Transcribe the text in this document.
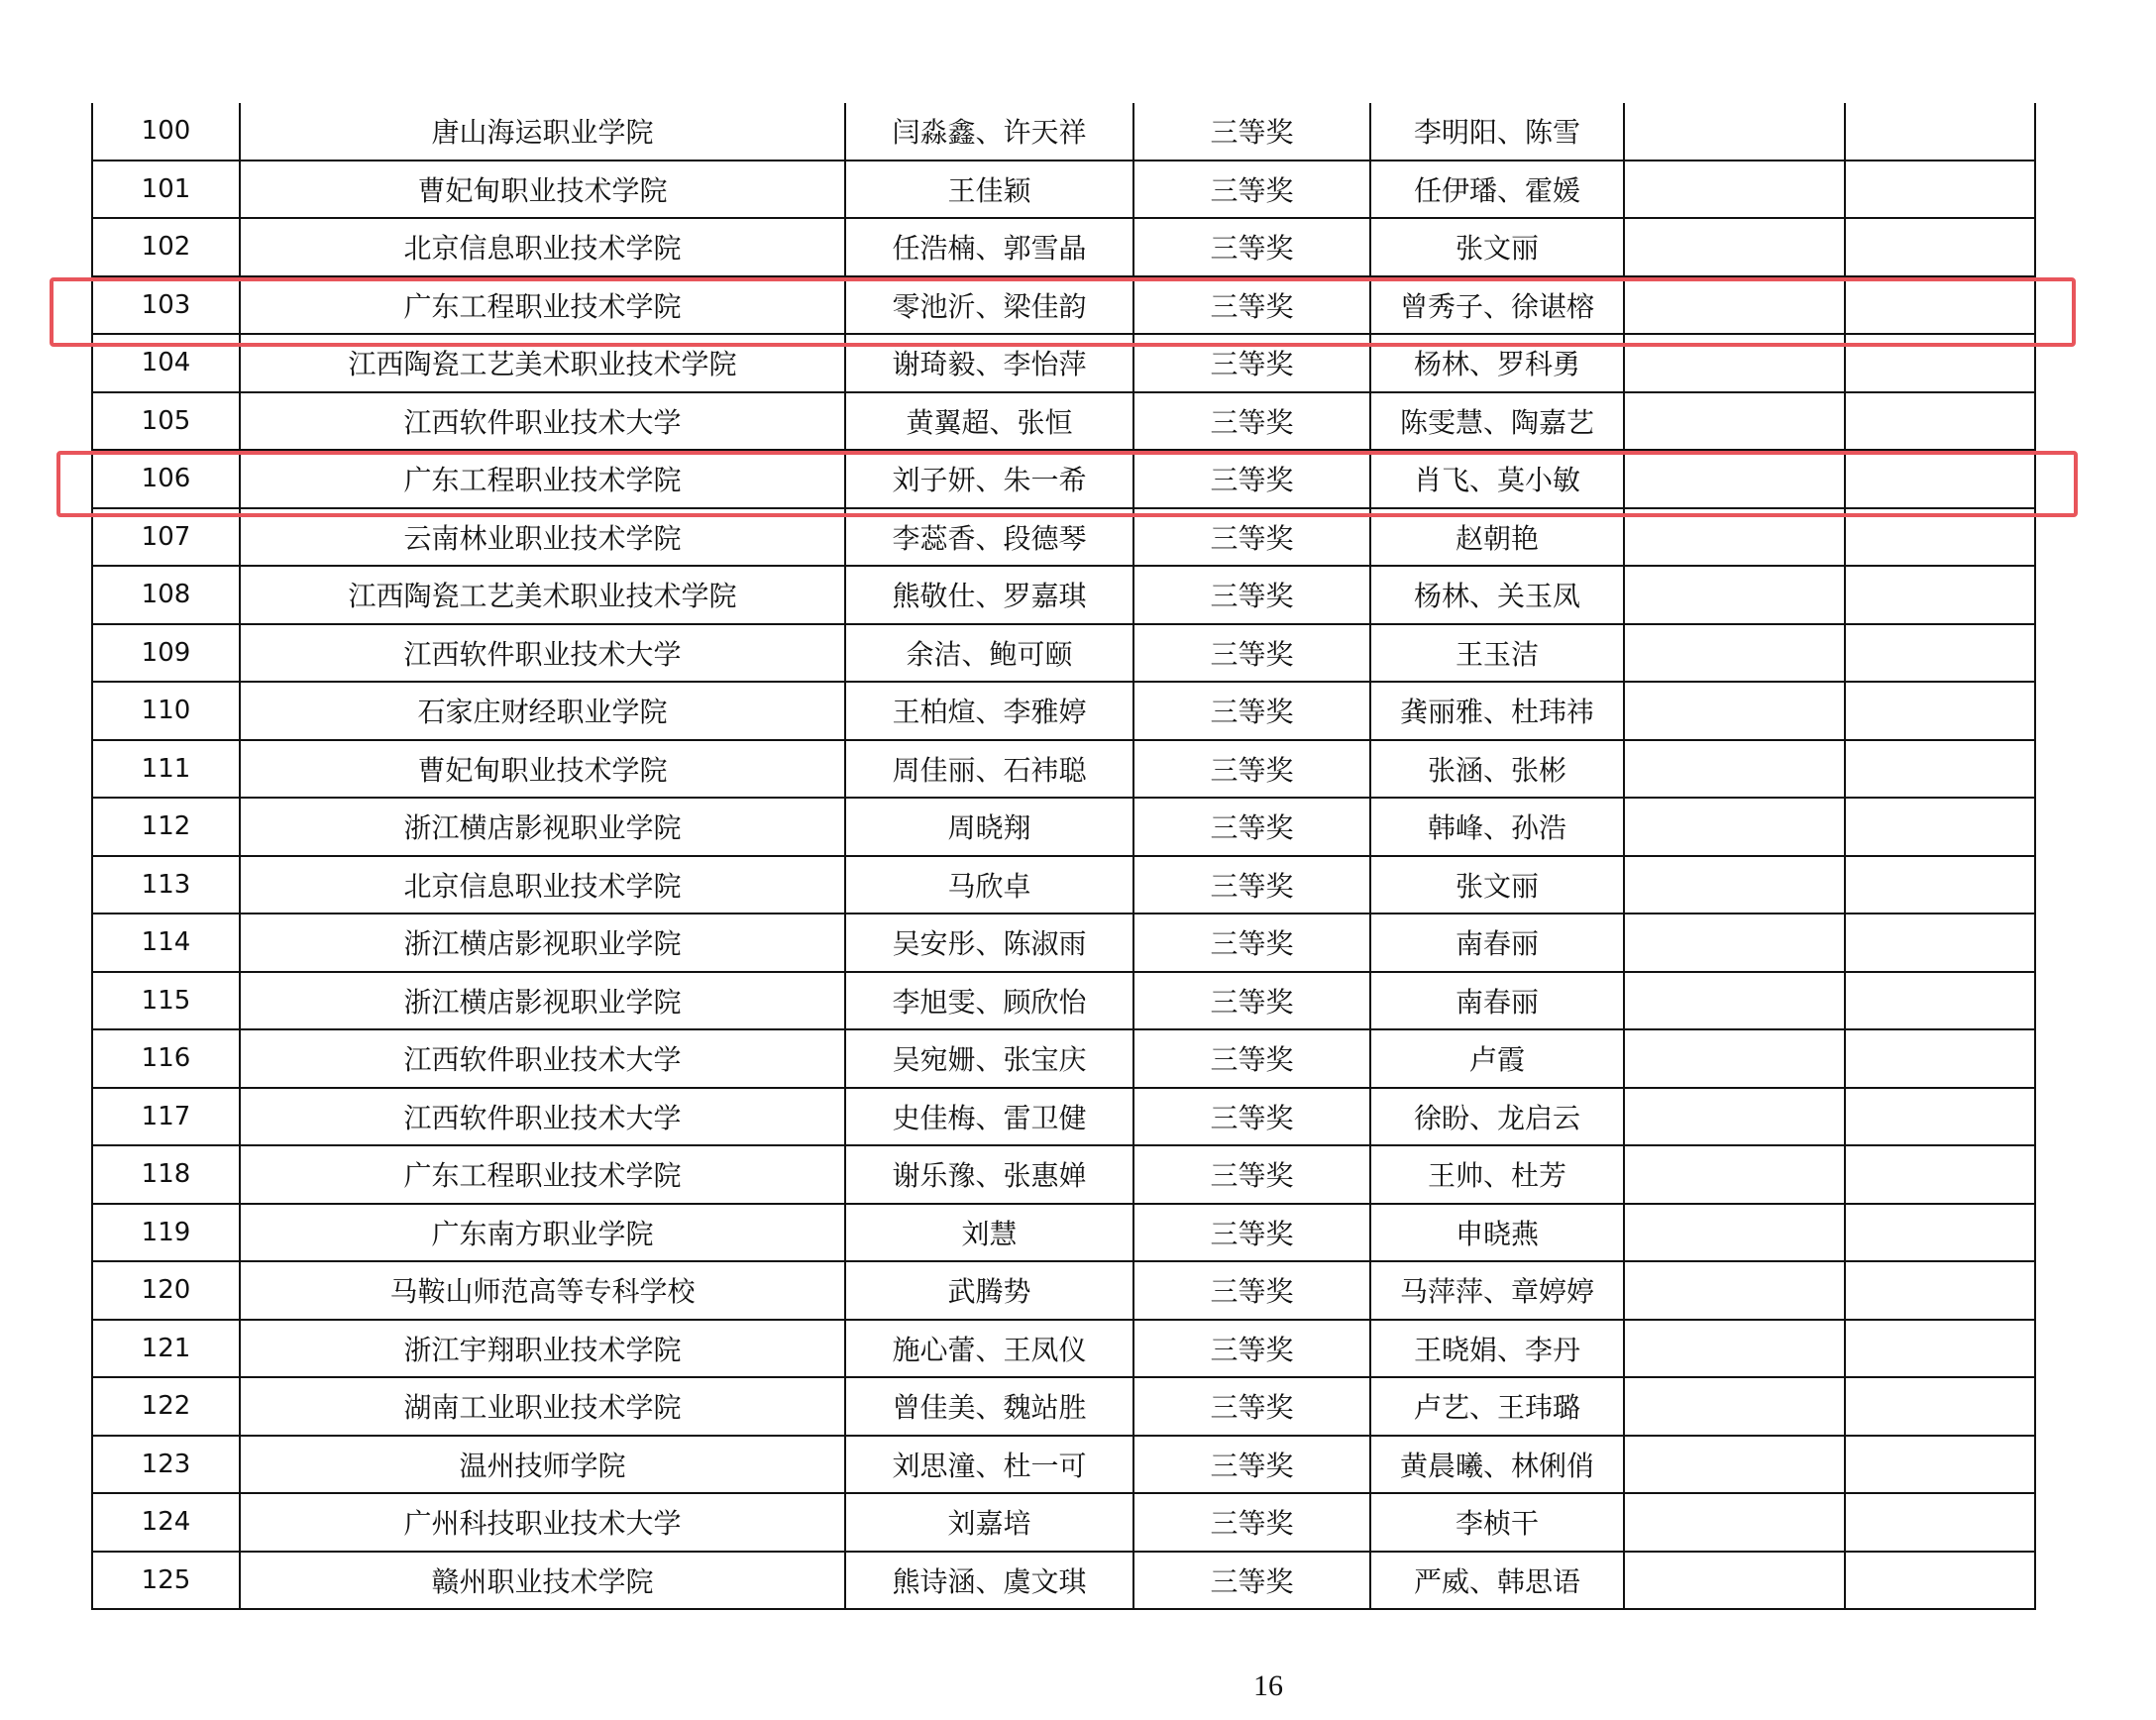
100	唐山海运职业学院	闫淼鑫、许天祥	三等奖	李明阳、陈雪		
101	曹妃甸职业技术学院	王佳颖	三等奖	任伊璠、霍媛		
102	北京信息职业技术学院	任浩楠、郭雪晶	三等奖	张文丽		
103	广东工程职业技术学院	零池沂、梁佳韵	三等奖	曾秀子、徐谌榕		
104	江西陶瓷工艺美术职业技术学院	谢琦毅、李怡萍	三等奖	杨林、罗科勇		
105	江西软件职业技术大学	黄翼超、张恒	三等奖	陈雯慧、陶嘉艺		
106	广东工程职业技术学院	刘子妍、朱一希	三等奖	肖飞、莫小敏		
107	云南林业职业技术学院	李蕊香、段德琴	三等奖	赵朝艳		
108	江西陶瓷工艺美术职业技术学院	熊敬仕、罗嘉琪	三等奖	杨林、关玉凤		
109	江西软件职业技术大学	余洁、鲍可颐	三等奖	王玉洁		
110	石家庄财经职业学院	王柏煊、李雅婷	三等奖	龚丽雅、杜玮祎		
111	曹妃甸职业技术学院	周佳丽、石袆聪	三等奖	张涵、张彬		
112	浙江横店影视职业学院	周晓翔	三等奖	韩峰、孙浩		
113	北京信息职业技术学院	马欣卓	三等奖	张文丽		
114	浙江横店影视职业学院	吴安彤、陈淑雨	三等奖	南春丽		
115	浙江横店影视职业学院	李旭雯、顾欣怡	三等奖	南春丽		
116	江西软件职业技术大学	吴宛姗、张宝庆	三等奖	卢霞		
117	江西软件职业技术大学	史佳梅、雷卫健	三等奖	徐盼、龙启云		
118	广东工程职业技术学院	谢乐豫、张惠婵	三等奖	王帅、杜芳		
119	广东南方职业学院	刘慧	三等奖	申晓燕		
120	马鞍山师范高等专科学校	武腾势	三等奖	马萍萍、章婷婷		
121	浙江宇翔职业技术学院	施心蕾、王凤仪	三等奖	王晓娟、李丹		
122	湖南工业职业技术学院	曾佳美、魏站胜	三等奖	卢艺、王玮璐		
123	温州技师学院	刘思潼、杜一可	三等奖	黄晨曦、林俐俏		
124	广州科技职业技术大学	刘嘉培	三等奖	李桢干		
125	赣州职业技术学院	熊诗涵、虞文琪	三等奖	严威、韩思语		
16
